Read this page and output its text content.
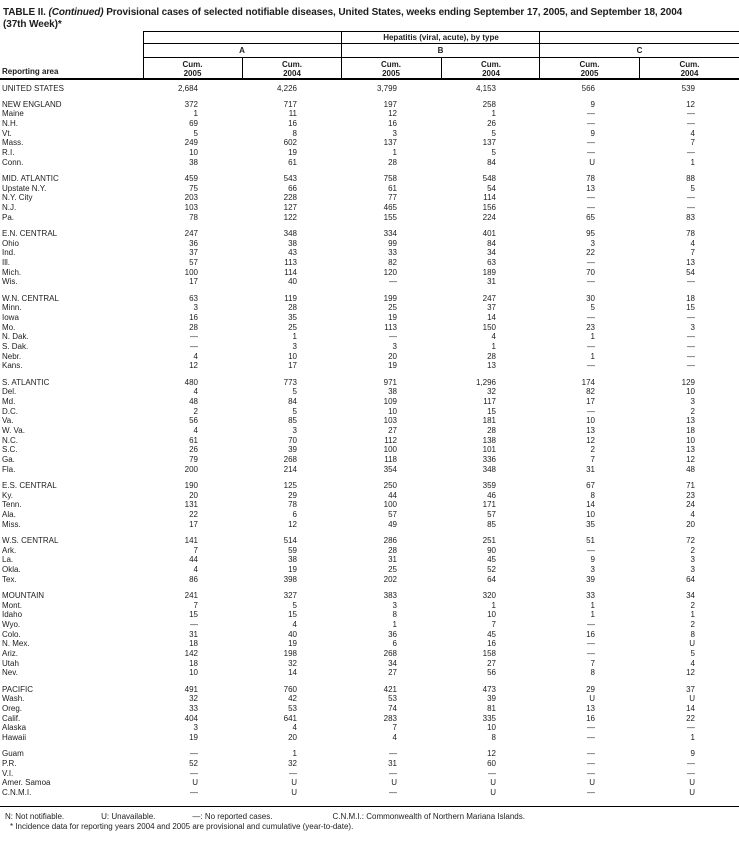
TABLE II. (Continued) Provisional cases of selected notifiable diseases, United States, weeks ending September 17, 2005, and September 18, 2004
(37th Week)*
Reporting area
Hepatitis (viral, acute), by type
A	B	C
Cum.
2005
Cum.
2004
Cum.
2005
Cum.
2004
Cum.
2005
Cum.
2004
UNITED STATES	2,684	4,226	3,799	4,153	566	539
NEW ENGLAND	372	717	197	258	9	12
Maine	1	11	12	1	—	—
N.H.	69	16	16	26	—	—
Vt.	5	8	3	5	9	4
Mass.	249	602	137	137	—	7
R.I.	10	19	1	5	—	—
Conn.	38	61	28	84	U	1
MID. ATLANTIC	459	543	758	548	78	88
Upstate N.Y.	75	66	61	54	13	5
N.Y. City	203	228	77	114	—	—
N.J.	103	127	465	156	—	—
Pa.	78	122	155	224	65	83
E.N. CENTRAL	247	348	334	401	95	78
Ohio	36	38	99	84	3	4
Ind.	37	43	33	34	22	7
Ill.	57	113	82	63	—	13
Mich.	100	114	120	189	70	54
Wis.	17	40	—	31	—	—
W.N. CENTRAL	63	119	199	247	30	18
Minn.	3	28	25	37	5	15
Iowa	16	35	19	14	—	—
Mo.	28	25	113	150	23	3
N. Dak.	—	1	—	4	1	—
S. Dak.	—	3	3	1	—	—
Nebr.	4	10	20	28	1	—
Kans.	12	17	19	13	—	—
S. ATLANTIC	480	773	971	1,296	174	129
Del.	4	5	38	32	82	10
Md.	48	84	109	117	17	3
D.C.	2	5	10	15	—	2
Va.	56	85	103	181	10	13
W. Va.	4	3	27	28	13	18
N.C.	61	70	112	138	12	10
S.C.	26	39	100	101	2	13
Ga.	79	268	118	336	7	12
Fla.	200	214	354	348	31	48
E.S. CENTRAL	190	125	250	359	67	71
Ky.	20	29	44	46	8	23
Tenn.	131	78	100	171	14	24
Ala.	22	6	57	57	10	4
Miss.	17	12	49	85	35	20
W.S. CENTRAL	141	514	286	251	51	72
Ark.	7	59	28	90	—	2
La.	44	38	31	45	9	3
Okla.	4	19	25	52	3	3
Tex.	86	398	202	64	39	64
MOUNTAIN	241	327	383	320	33	34
Mont.	7	5	3	1	1	2
Idaho	15	15	8	10	1	1
Wyo.	—	4	1	7	—	2
Colo.	31	40	36	45	16	8
N. Mex.	18	19	6	16	—	U
Ariz.	142	198	268	158	—	5
Utah	18	32	34	27	7	4
Nev.	10	14	27	56	8	12
PACIFIC	491	760	421	473	29	37
Wash.	32	42	53	39	U	U
Oreg.	33	53	74	81	13	14
Calif.	404	641	283	335	16	22
Alaska	3	4	7	10	—	—
Hawaii	19	20	4	8	—	1
Guam	—	1	—	12	—	9
P.R.	52	32	31	60	—	—
V.I.	—	—	—	—	—	—
Amer. Samoa	U	U	U	U	U	U
C.N.M.I.	—	U	—	U	—	U
N: Not notifiable.	U: Unavailable.	—: No reported cases.	C.N.M.I.: Commonwealth of Northern Mariana Islands.
* Incidence data for reporting years 2004 and 2005 are provisional and cumulative (year-to-date).
